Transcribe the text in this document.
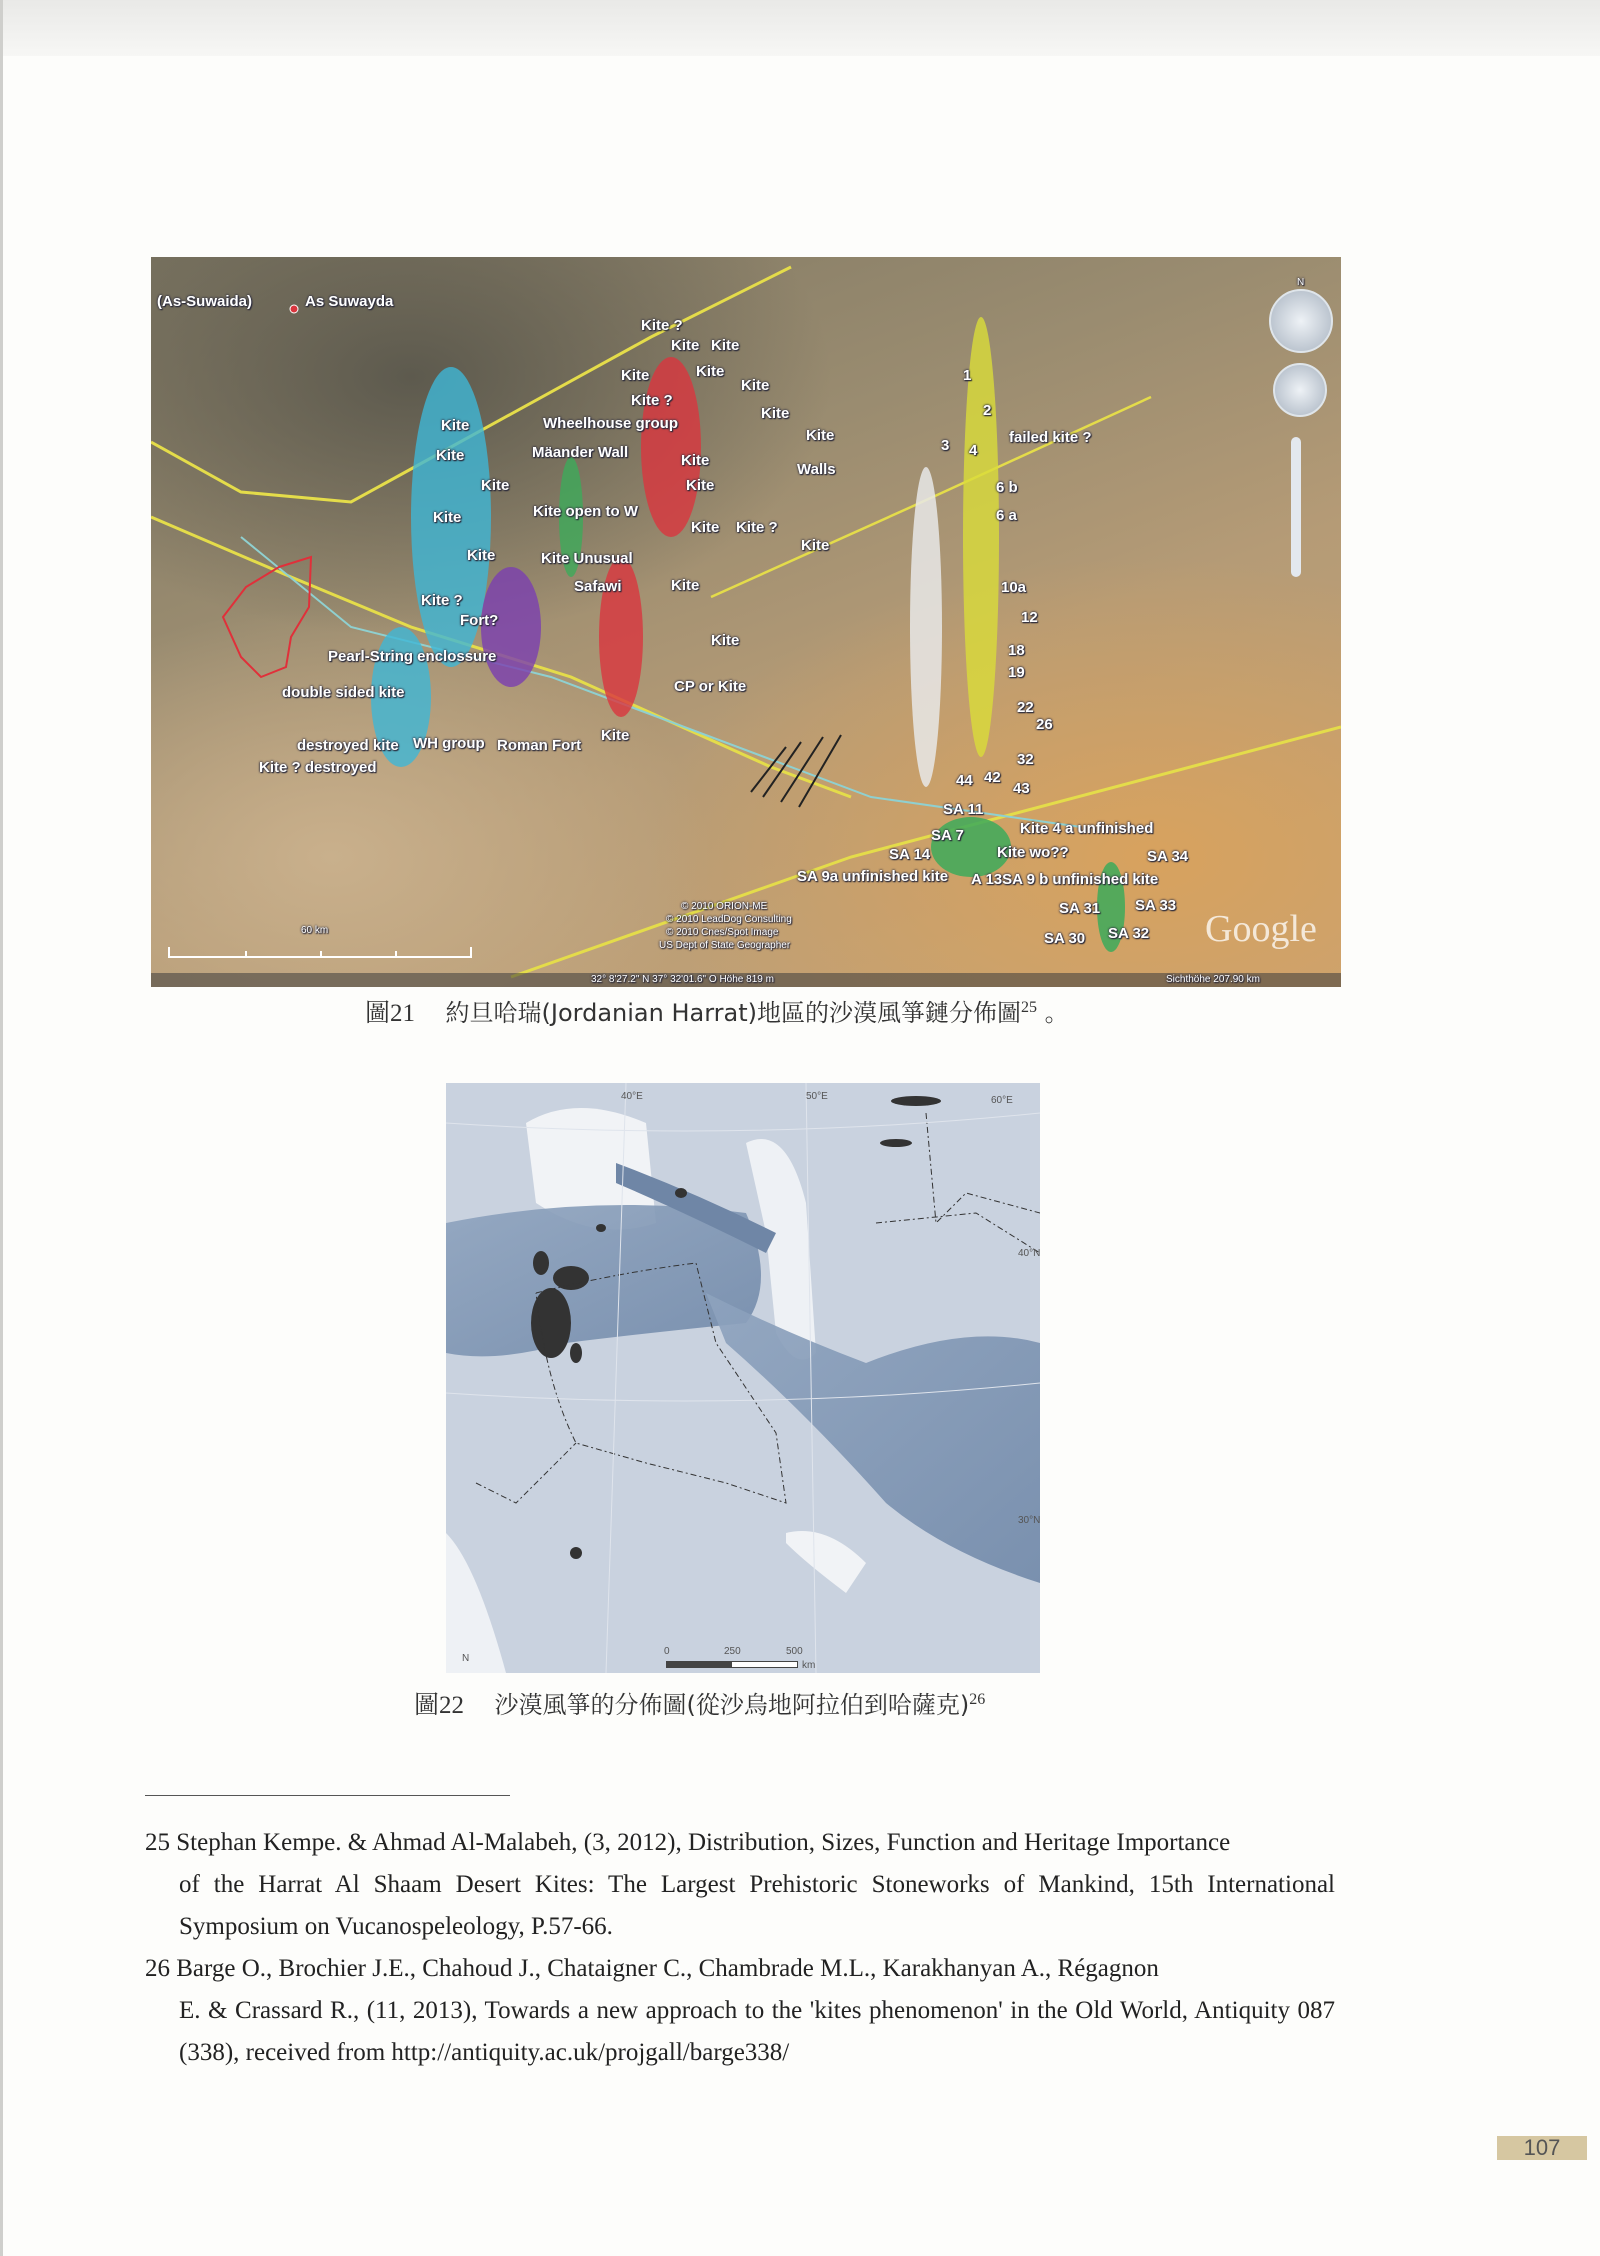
(As-Suwaida)	As Suwayda
Wheelhouse group
Mäander Wall
Kite open to W
Kite Unusual
Safawi
Fort?
Pearl-String enclossure
double sided kite
destroyed kite WH group Roman Fort
Kite ? destroyed
failed kite ?
Walls
CP or Kite
Kite 4 a unfinished
Kite wo??	SA 34
SA 9a unfinished kite A 13SA 9 b unfinished kite
SA 14
SA 11
SA 7
SA 31 SA 33
SA 30 SA 32
1
2
3 4
6 b
6 a
10a
12
18
19
22
26
32
43
44 42
Kite ?
Kite Kite
Kite	Kite
Kite
Kite ?
Kite
Kite
Kite	Kite
Kite
Kite	Kite
Kite
Kite Kite ?
Kite
Kite
Kite
Kite
Kite
Kite ?
60 km
© 2010 ORION-ME
© 2010 LeadDog Consulting
© 2010 Cnes/Spot Image
US Dept of State Geographer	Google
32° 8'27.2" N 37° 32'01.6" O Höhe 819 m	Sichthöhe 207.90 km
N
圖21 約旦哈瑞(Jordanian Harrat)地區的沙漠風箏鏈分佈圖$^{25}$ 。
40°E	50°E	60°E
40°N
30°N
N
0	250	500
km
圖22 沙漠風箏的分佈圖(從沙烏地阿拉伯到哈薩克)$^{26}$
25 Stephan Kempe. & Ahmad Al-Malabeh, (3, 2012), Distribution, Sizes, Function and Heritage Importance
of the Harrat Al Shaam Desert Kites: The Largest Prehistoric Stoneworks of Mankind, 15th International Symposium on Vucanospeleology, P.57-66.
26 Barge O., Brochier J.E., Chahoud J., Chataigner C., Chambrade M.L., Karakhanyan A., Régagnon
E. & Crassard R., (11, 2013), Towards a new approach to the 'kites phenomenon' in the Old World, Antiquity 087 (338), received from http://antiquity.ac.uk/projgall/barge338/
107
